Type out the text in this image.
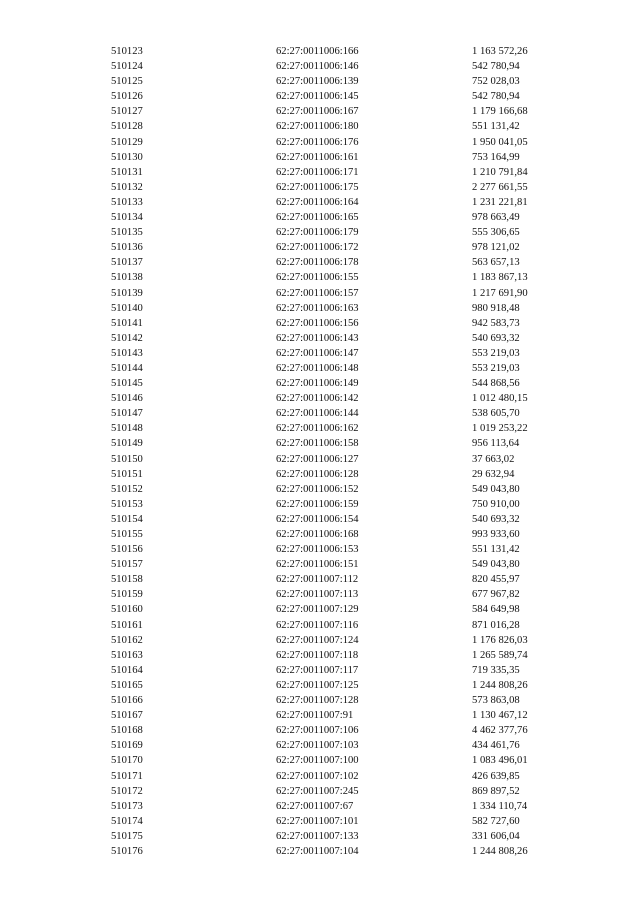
510123	62:27:0011006:166	1 163 572,26
510124	62:27:0011006:146	542 780,94
510125	62:27:0011006:139	752 028,03
510126	62:27:0011006:145	542 780,94
510127	62:27:0011006:167	1 179 166,68
510128	62:27:0011006:180	551 131,42
510129	62:27:0011006:176	1 950 041,05
510130	62:27:0011006:161	753 164,99
510131	62:27:0011006:171	1 210 791,84
510132	62:27:0011006:175	2 277 661,55
510133	62:27:0011006:164	1 231 221,81
510134	62:27:0011006:165	978 663,49
510135	62:27:0011006:179	555 306,65
510136	62:27:0011006:172	978 121,02
510137	62:27:0011006:178	563 657,13
510138	62:27:0011006:155	1 183 867,13
510139	62:27:0011006:157	1 217 691,90
510140	62:27:0011006:163	980 918,48
510141	62:27:0011006:156	942 583,73
510142	62:27:0011006:143	540 693,32
510143	62:27:0011006:147	553 219,03
510144	62:27:0011006:148	553 219,03
510145	62:27:0011006:149	544 868,56
510146	62:27:0011006:142	1 012 480,15
510147	62:27:0011006:144	538 605,70
510148	62:27:0011006:162	1 019 253,22
510149	62:27:0011006:158	956 113,64
510150	62:27:0011006:127	37 663,02
510151	62:27:0011006:128	29 632,94
510152	62:27:0011006:152	549 043,80
510153	62:27:0011006:159	750 910,00
510154	62:27:0011006:154	540 693,32
510155	62:27:0011006:168	993 933,60
510156	62:27:0011006:153	551 131,42
510157	62:27:0011006:151	549 043,80
510158	62:27:0011007:112	820 455,97
510159	62:27:0011007:113	677 967,82
510160	62:27:0011007:129	584 649,98
510161	62:27:0011007:116	871 016,28
510162	62:27:0011007:124	1 176 826,03
510163	62:27:0011007:118	1 265 589,74
510164	62:27:0011007:117	719 335,35
510165	62:27:0011007:125	1 244 808,26
510166	62:27:0011007:128	573 863,08
510167	62:27:0011007:91	1 130 467,12
510168	62:27:0011007:106	4 462 377,76
510169	62:27:0011007:103	434 461,76
510170	62:27:0011007:100	1 083 496,01
510171	62:27:0011007:102	426 639,85
510172	62:27:0011007:245	869 897,52
510173	62:27:0011007:67	1 334 110,74
510174	62:27:0011007:101	582 727,60
510175	62:27:0011007:133	331 606,04
510176	62:27:0011007:104	1 244 808,26
